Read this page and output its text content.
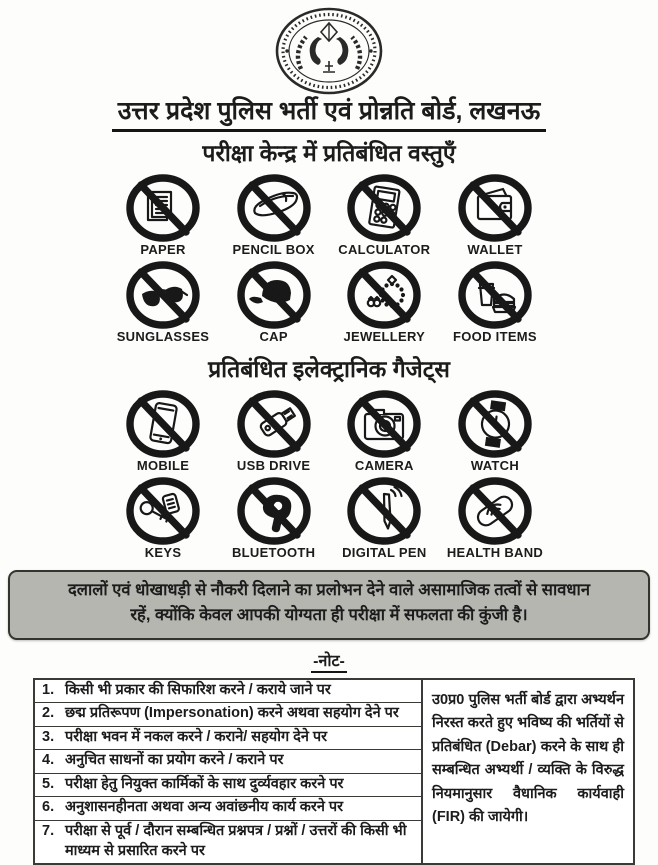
उत्तर प्रदेश पुलिस भर्ती एवं प्रोन्नति बोर्ड, लखनऊ
परीक्षा केन्द्र में प्रतिबंधित वस्तुएँ
PAPER	PENCIL BOX CALCULATOR	WALLET
SUNGLASSES	CAP	JEWELLERY FOOD ITEMS
प्रतिबंधित इलेक्ट्रानिक गैजेट्स
MOBILE	USB DRIVE	CAMERA	WATCH
KEYS	BLUETOOTH DIGITAL PEN HEALTH BAND
दलालों एवं धोखाधड़ी से नौकरी दिलाने का प्रलोभन देने वाले असामाजिक तत्वों से सावधान
रहें, क्योंकि केवल आपकी योग्यता ही परीक्षा में सफलता की कुंजी है।
-नोट-
1. किसी भी प्रकार की सिफारिश करने / कराये जाने पर
2. छद्म प्रतिरूपण (Impersonation) करने अथवा सहयोग देने पर
3. परीक्षा भवन में नकल करने / कराने/ सहयोग देने पर
4. अनुचित साधनों का प्रयोग करने / कराने पर
5. परीक्षा हेतु नियुक्त कार्मिकों के साथ दुर्व्यवहार करने पर
6. अनुशासनहीनता अथवा अन्य अवांछनीय कार्य करने पर
7. परीक्षा से पूर्व / दौरान सम्बन्धित प्रश्नपत्र / प्रश्नों / उत्तरों की किसी भी माध्यम से प्रसारित करने पर
उ0प्र0 पुलिस भर्ती बोर्ड द्वारा अभ्यर्थन निरस्त करते हुए भविष्य की भर्तियों से प्रतिबंधित (Debar) करने के साथ ही सम्बन्धित अभ्यर्थी / व्यक्ति के विरुद्ध नियमानुसार वैधानिक कार्यवाही (FIR) की जायेगी।
